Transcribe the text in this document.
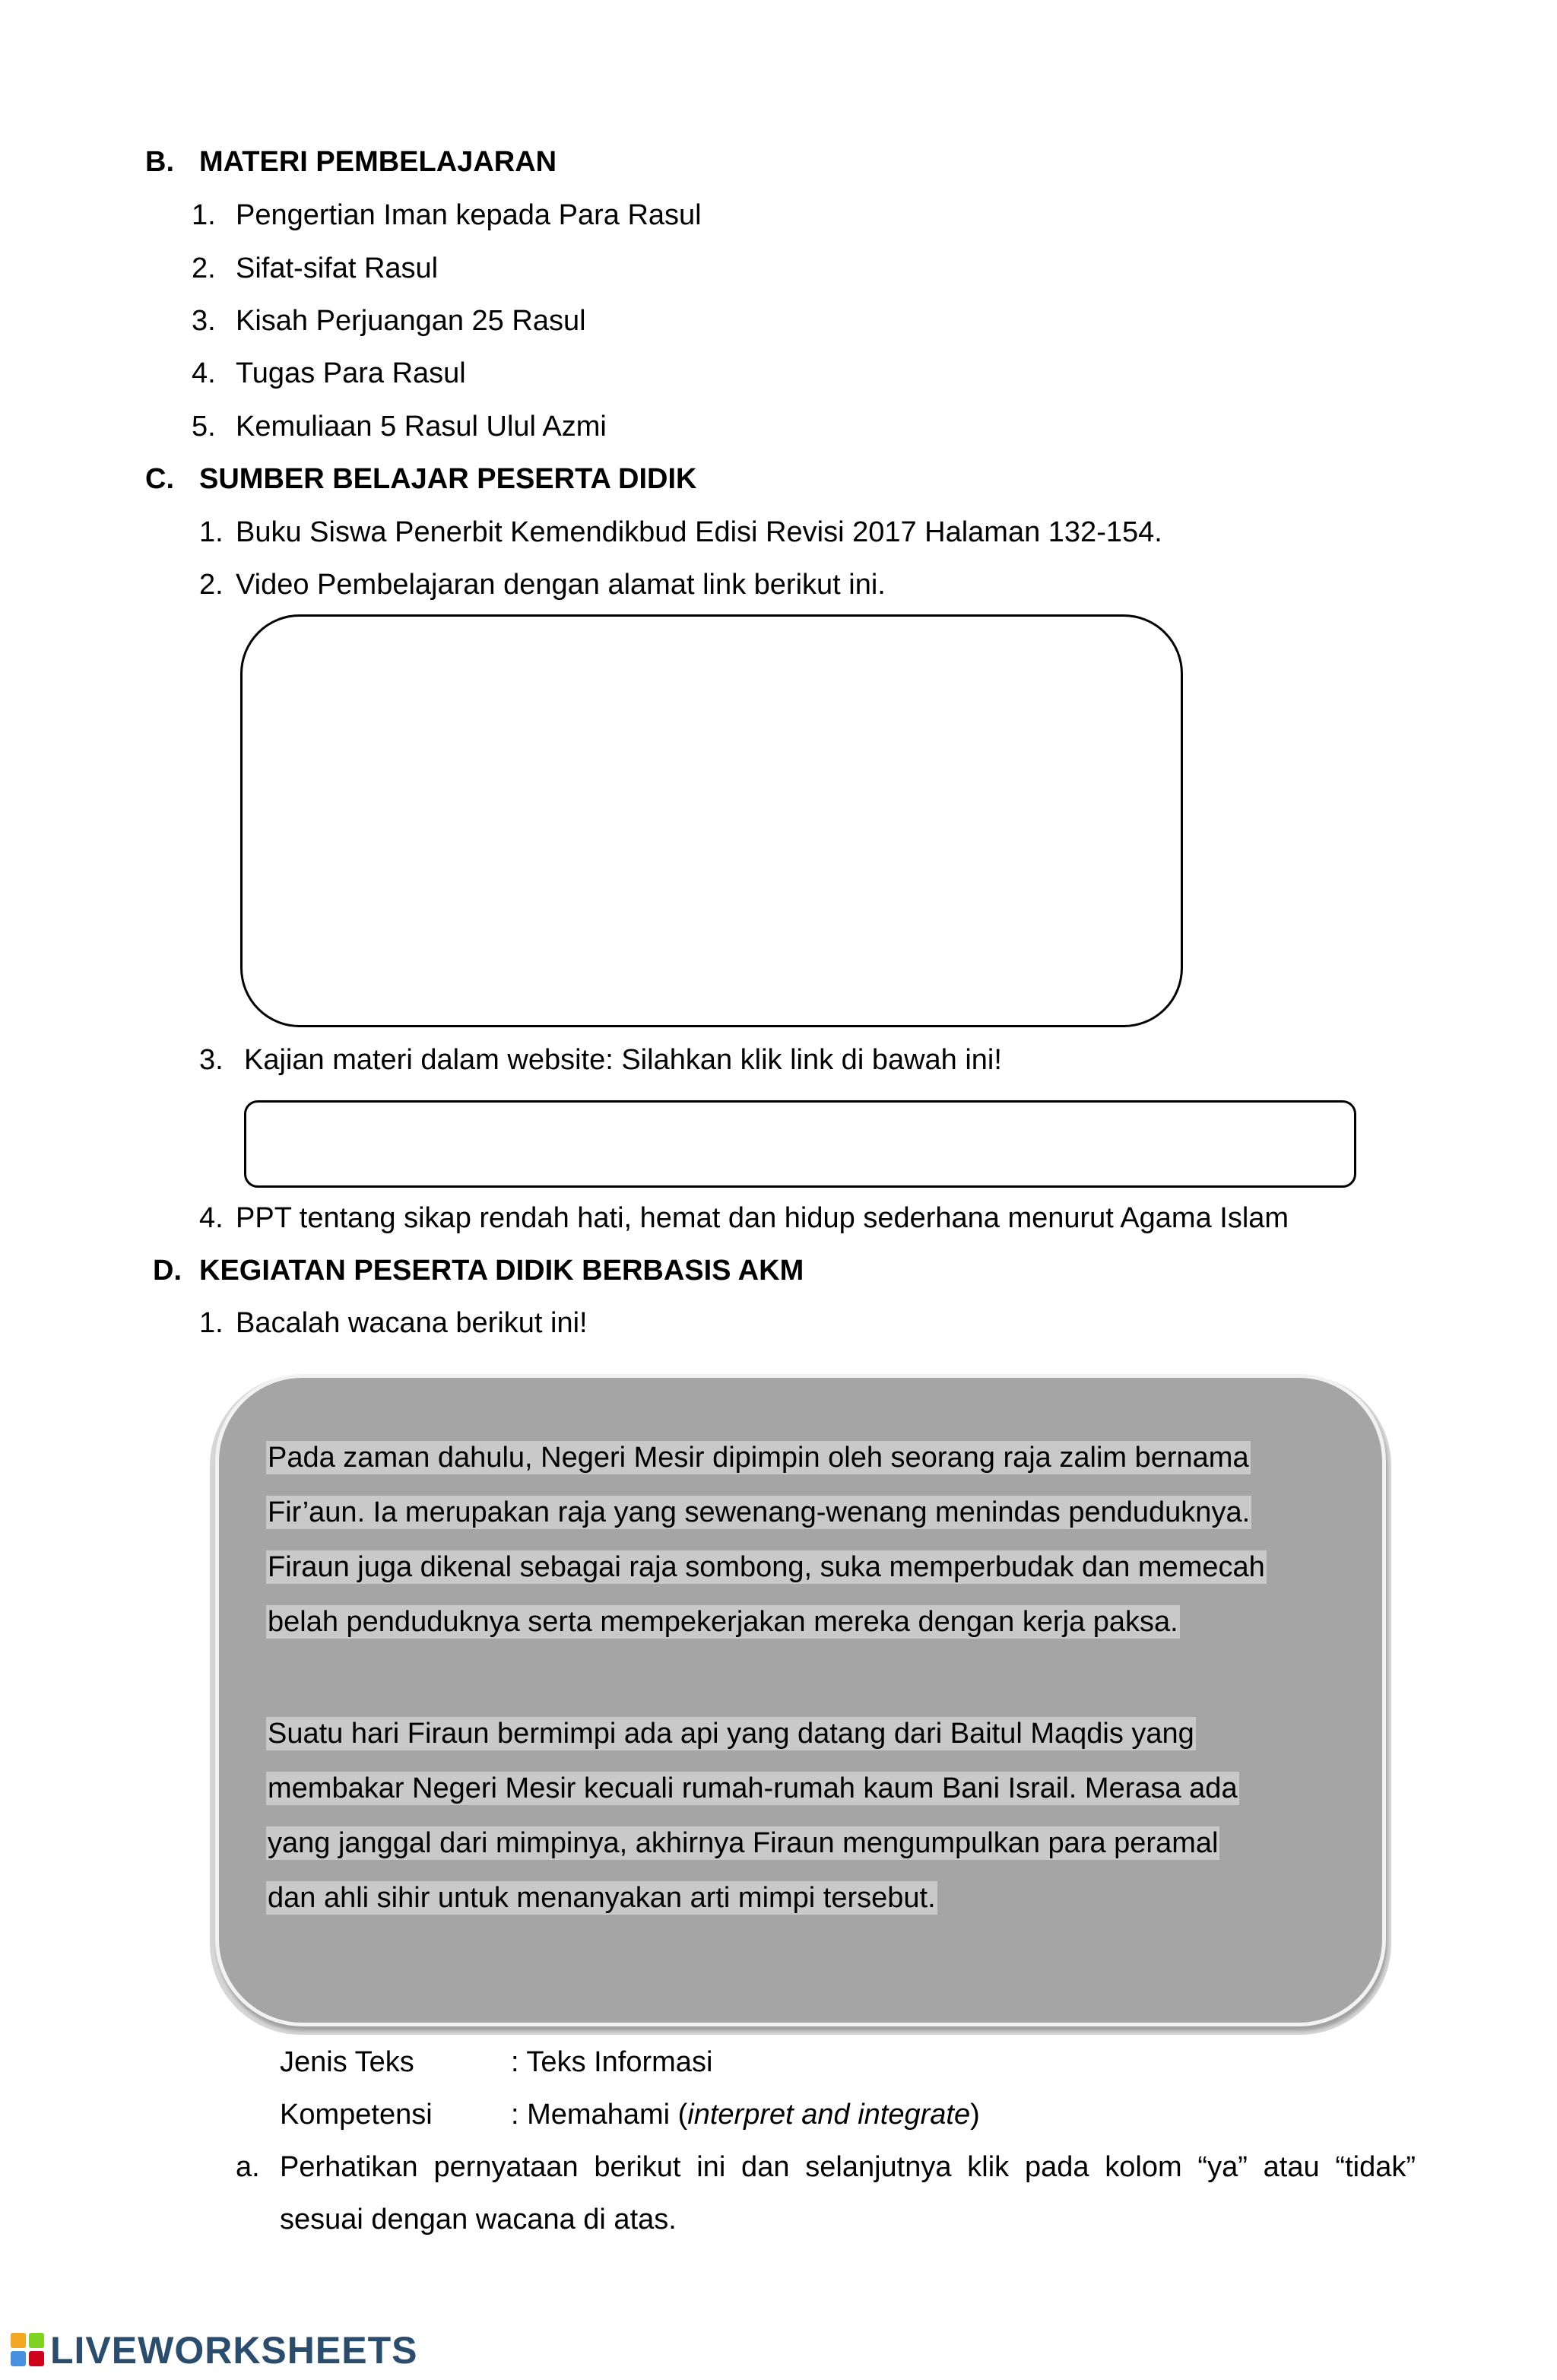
B. MATERI PEMBELAJARAN
1. Pengertian Iman kepada Para Rasul
2. Sifat-sifat Rasul
3. Kisah Perjuangan 25 Rasul
4. Tugas Para Rasul
5. Kemuliaan 5 Rasul Ulul Azmi
C. SUMBER BELAJAR PESERTA DIDIK
1. Buku Siswa Penerbit Kemendikbud Edisi Revisi 2017 Halaman 132-154.
2. Video Pembelajaran dengan alamat link berikut ini.
3. Kajian materi dalam website: Silahkan klik link di bawah ini!
4. PPT tentang sikap rendah hati, hemat dan hidup sederhana menurut Agama Islam
D. KEGIATAN PESERTA DIDIK BERBASIS AKM
1. Bacalah wacana berikut ini!
Pada zaman dahulu, Negeri Mesir dipimpin oleh seorang raja zalim bernama
Fir’aun. Ia merupakan raja yang sewenang-wenang menindas penduduknya.
Firaun juga dikenal sebagai raja sombong, suka memperbudak dan memecah
belah penduduknya serta mempekerjakan mereka dengan kerja paksa.
Suatu hari Firaun bermimpi ada api yang datang dari Baitul Maqdis yang
membakar Negeri Mesir kecuali rumah-rumah kaum Bani Israil. Merasa ada
yang janggal dari mimpinya, akhirnya Firaun mengumpulkan para peramal
dan ahli sihir untuk menanyakan arti mimpi tersebut.
Jenis Teks	: Teks Informasi
Kompetensi	: Memahami (interpret and integrate)
a. Perhatikan pernyataan berikut ini dan selanjutnya klik pada kolom “ya” atau “tidak”
sesuai dengan wacana di atas.
LIVEWORKSHEETS
